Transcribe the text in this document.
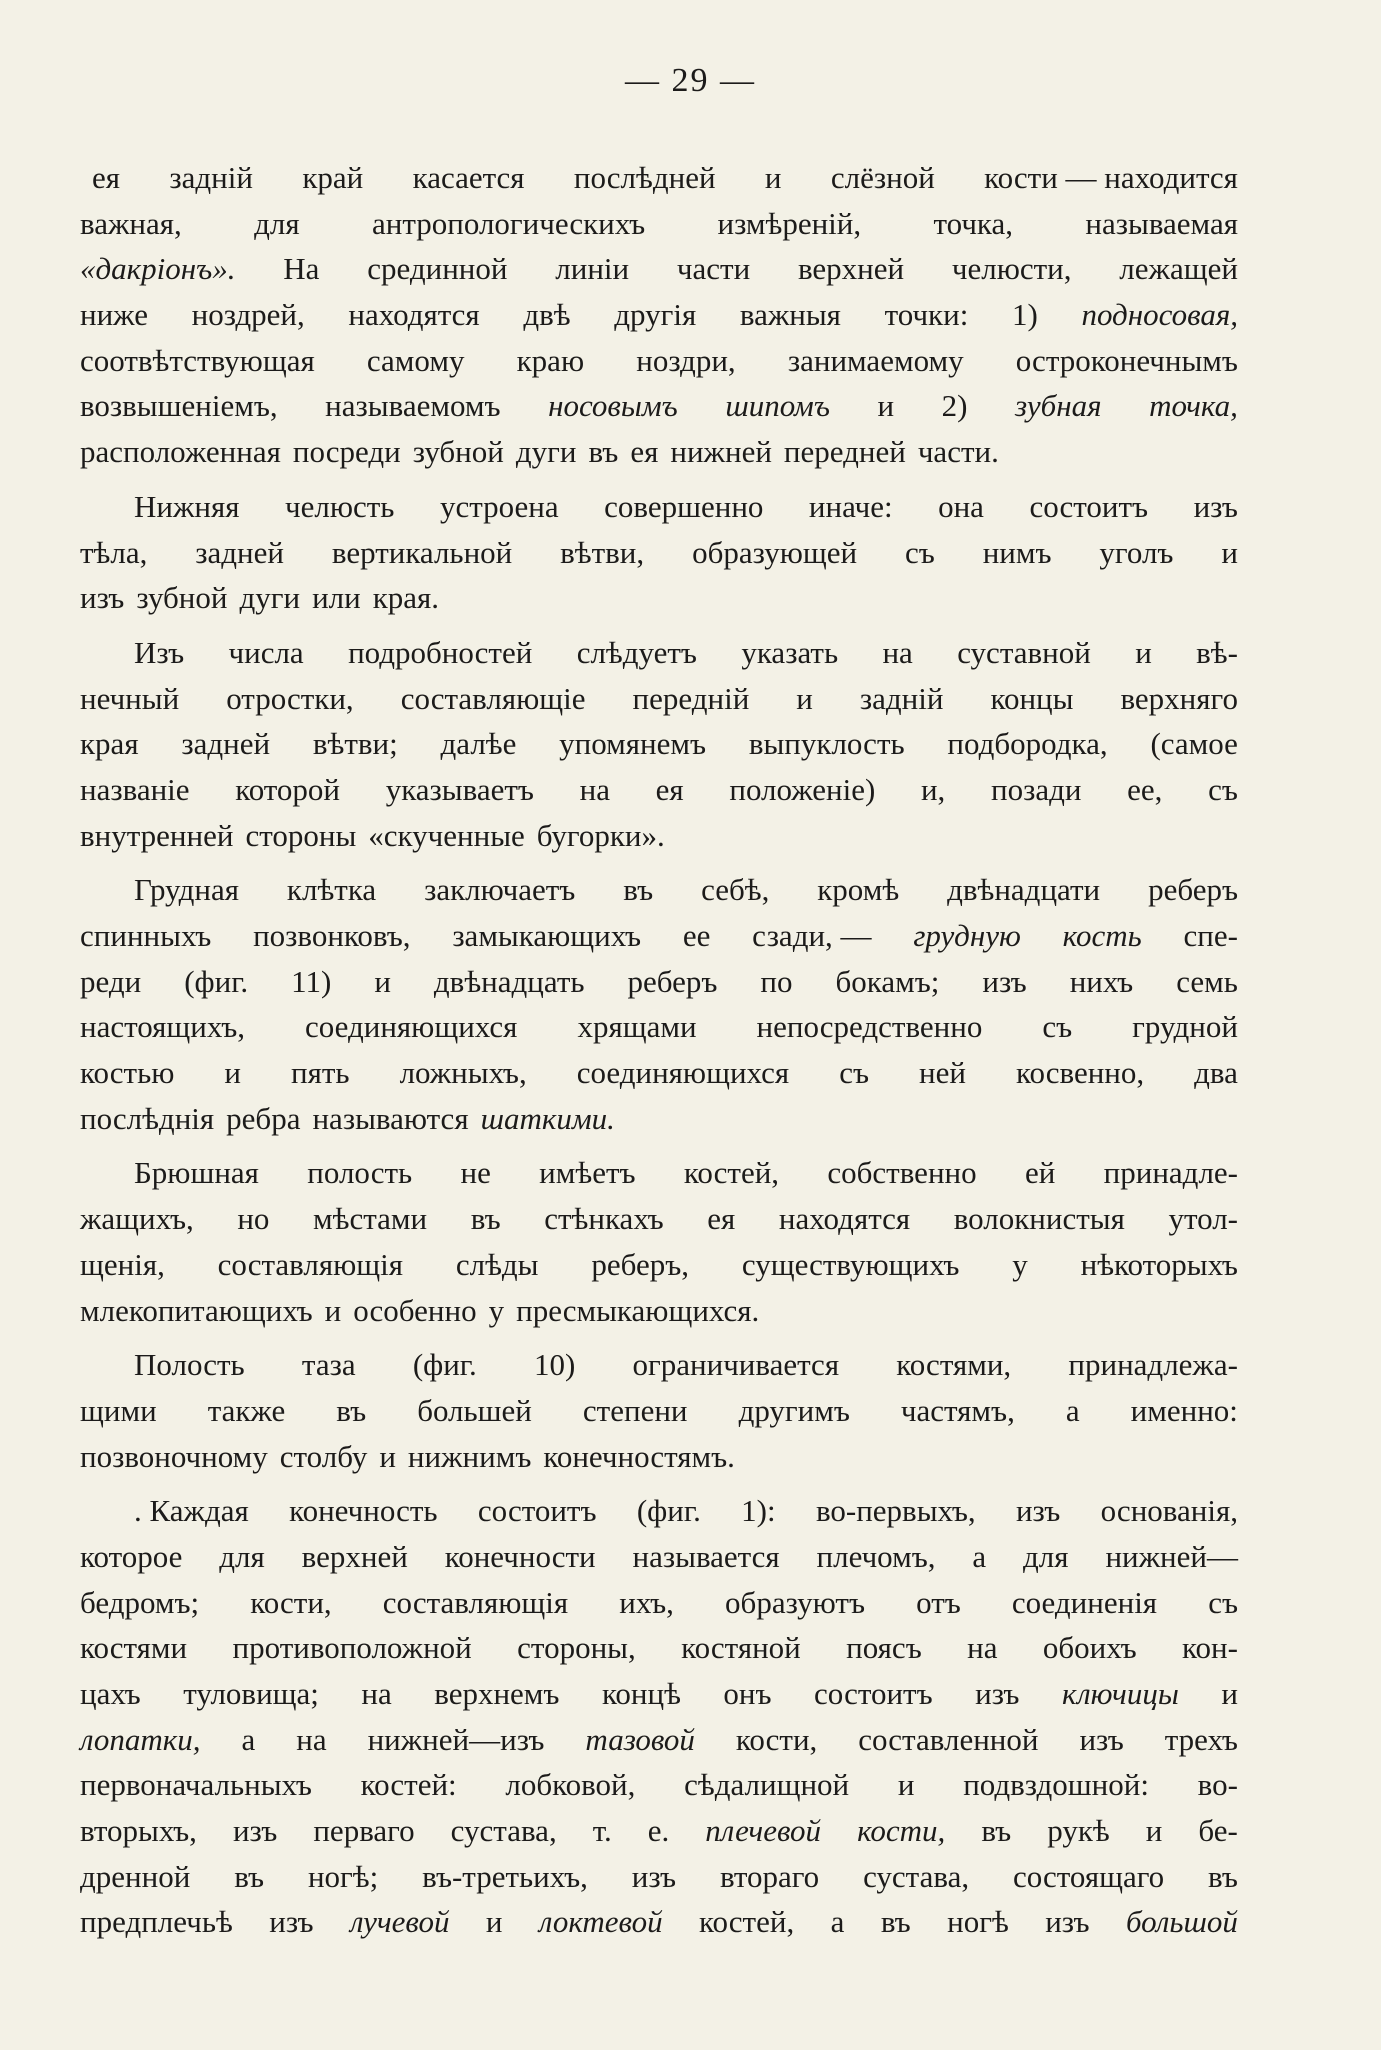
— 29 —
ея задній край касается послѣдней и слёзной кости — находится
важная, для антропологическихъ измѣреній, точка, называемая
«дакріонъ». На срединной линіи части верхней челюсти, лежащей
ниже ноздрей, находятся двѣ другія важныя точки: 1) подносовая,
соотвѣтствующая самому краю ноздри, занимаемому остроконечнымъ
возвышеніемъ, называемомъ носовымъ шипомъ и 2) зубная точка,
расположенная посреди зубной дуги въ ея нижней передней части.
Нижняя челюсть устроена совершенно иначе: она состоитъ изъ
тѣла, задней вертикальной вѣтви, образующей съ нимъ уголъ и
изъ зубной дуги или края.
Изъ числа подробностей слѣдуетъ указать на суставной и вѣ-
нечный отростки, составляющіе передній и задній концы верхняго
края задней вѣтви; далѣе упомянемъ выпуклость подбородка, (самое
названіе которой указываетъ на ея положеніе) и, позади ее, съ
внутренней стороны «скученные бугорки».
Грудная клѣтка заключаетъ въ себѣ, кромѣ двѣнадцати реберъ
спинныхъ позвонковъ, замыкающихъ ее сзади, — грудную кость спе-
реди (фиг. 11) и двѣнадцать реберъ по бокамъ; изъ нихъ семь
настоящихъ, соединяющихся хрящами непосредственно съ грудной
костью и пять ложныхъ, соединяющихся съ ней косвенно, два
послѣднія ребра называются шаткими.
Брюшная полость не имѣетъ костей, собственно ей принадле-
жащихъ, но мѣстами въ стѣнкахъ ея находятся волокнистыя утол-
щенія, составляющія слѣды реберъ, существующихъ у нѣкоторыхъ
млекопитающихъ и особенно у пресмыкающихся.
Полость таза (фиг. 10) ограничивается костями, принадлежа-
щими также въ большей степени другимъ частямъ, а именно:
позвоночному столбу и нижнимъ конечностямъ.
. Каждая конечность состоитъ (фиг. 1): во-первыхъ, изъ основанія,
которое для верхней конечности называется плечомъ, а для нижней—
бедромъ; кости, составляющія ихъ, образуютъ отъ соединенія съ
костями противоположной стороны, костяной поясъ на обоихъ кон-
цахъ туловища; на верхнемъ концѣ онъ состоитъ изъ ключицы и
лопатки, а на нижней—изъ тазовой кости, составленной изъ трехъ
первоначальныхъ костей: лобковой, сѣдалищной и подвздошной: во-
вторыхъ, изъ перваго сустава, т. е. плечевой кости, въ рукѣ и бе-
дренной въ ногѣ; въ-третьихъ, изъ втораго сустава, состоящаго въ
предплечьѣ изъ лучевой и локтевой костей, а въ ногѣ изъ большой
